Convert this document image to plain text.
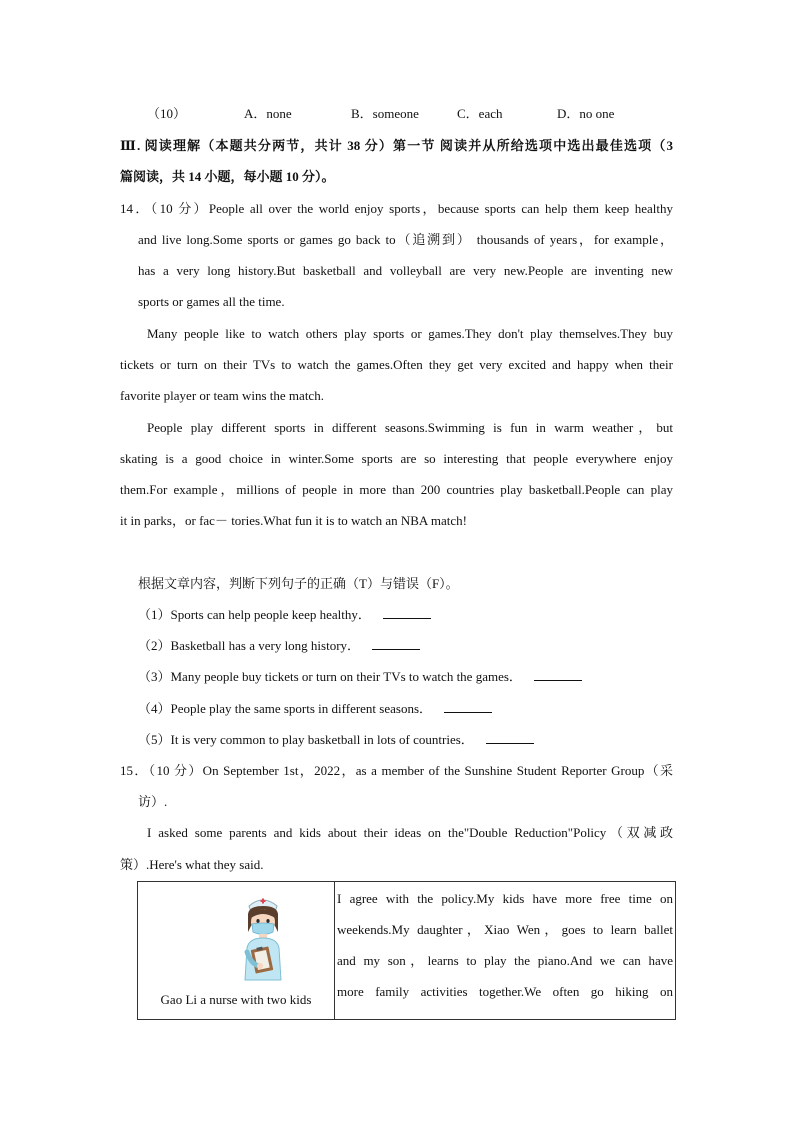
（10）	A．none	B．someone	C．each	D．no one
Ⅲ. 阅读理解（本题共分两节，共计 38 分）第一节 阅读并从所给选项中选出最佳选项（3
篇阅读，共 14 小题，每小题 10 分）。
14．（10 分）People all over the world enjoy sports，because sports can help them keep healthy
and live long.Some sports or games go back to（追溯到） thousands of years，for example，
has a very long history.But basketball and volleyball are very new.People are inventing new
sports or games all the time.
Many people like to watch others play sports or games.They don't play themselves.They buy
tickets or turn on their TVs to watch the games.Often they get very excited and happy when their
favorite player or team wins the match.
People play different sports in different seasons.Swimming is fun in warm weather，but
skating is a good choice in winter.Some sports are so interesting that people everywhere enjoy
them.For example，millions of people in more than 200 countries play basketball.People can play
it in parks，or fac－ tories.What fun it is to watch an NBA match!
根据文章内容，判断下列句子的正确（T）与错误（F）。
（1）Sports can help people keep healthy．
（2）Basketball has a very long history．
（3）Many people buy tickets or turn on their TVs to watch the games．
（4）People play the same sports in different seasons．
（5）It is very common to play basketball in lots of countries．
15．（10 分）On September 1st，2022，as a member of the Sunshine Student Reporter Group（采
访）.
I asked some parents and kids about their ideas on the"Double Reduction"Policy（双减政
策）.Here's what they said.
Gao Li a nurse with two kids

I agree with the policy.My kids have more free time on
weekends.My daughter，Xiao Wen，goes to learn ballet
and my son，learns to play the piano.And we can have
more family activities together.We often go hiking on
